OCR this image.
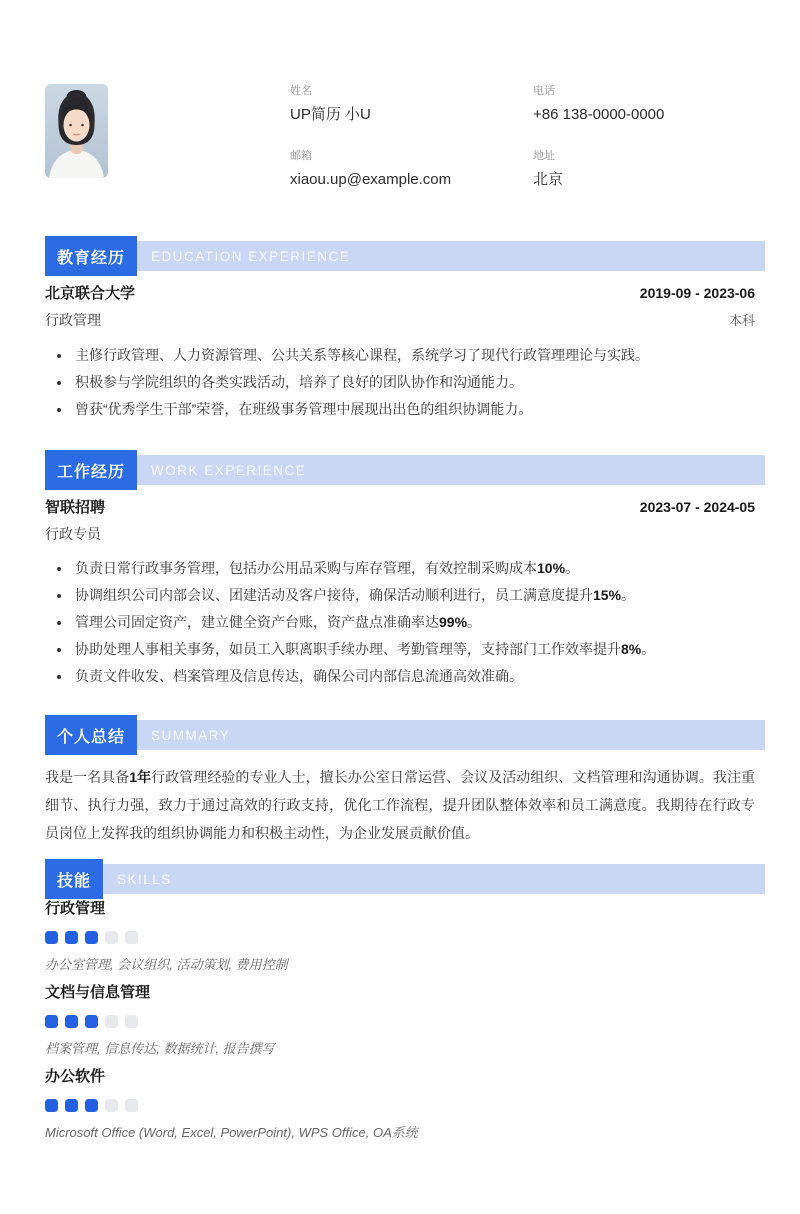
姓名
UP简历 小U
电话
+86 138-0000-0000
邮箱
xiaou.up@example.com
地址
北京
教育经历	EDUCATION EXPERIENCE
北京联合大学	2019-09 - 2023-06
行政管理	本科
主修行政管理、人力资源管理、公共关系等核心课程，系统学习了现代行政管理理论与实践。
积极参与学院组织的各类实践活动，培养了良好的团队协作和沟通能力。
曾获“优秀学生干部”荣誉，在班级事务管理中展现出出色的组织协调能力。
工作经历	WORK EXPERIENCE
智联招聘	2023-07 - 2024-05
行政专员
负责日常行政事务管理，包括办公用品采购与库存管理，有效控制采购成本10%。
协调组织公司内部会议、团建活动及客户接待，确保活动顺利进行，员工满意度提升15%。
管理公司固定资产，建立健全资产台账，资产盘点准确率达99%。
协助处理人事相关事务，如员工入职离职手续办理、考勤管理等，支持部门工作效率提升8%。
负责文件收发、档案管理及信息传达，确保公司内部信息流通高效准确。
个人总结	SUMMARY

我是一名具备1年行政管理经验的专业人士，擅长办公室日常运营、会议及活动组织、文档管理和沟通协调。我注重细节、执行力强，致力于通过高效的行政支持，优化工作流程，提升团队整体效率和员工满意度。我期待在行政专员岗位上发挥我的组织协调能力和积极主动性，为企业发展贡献价值。

技能	SKILLS
行政管理
办公室管理, 会议组织, 活动策划, 费用控制
文档与信息管理
档案管理, 信息传达, 数据统计, 报告撰写
办公软件
Microsoft Office (Word, Excel, PowerPoint), WPS Office, OA系统
